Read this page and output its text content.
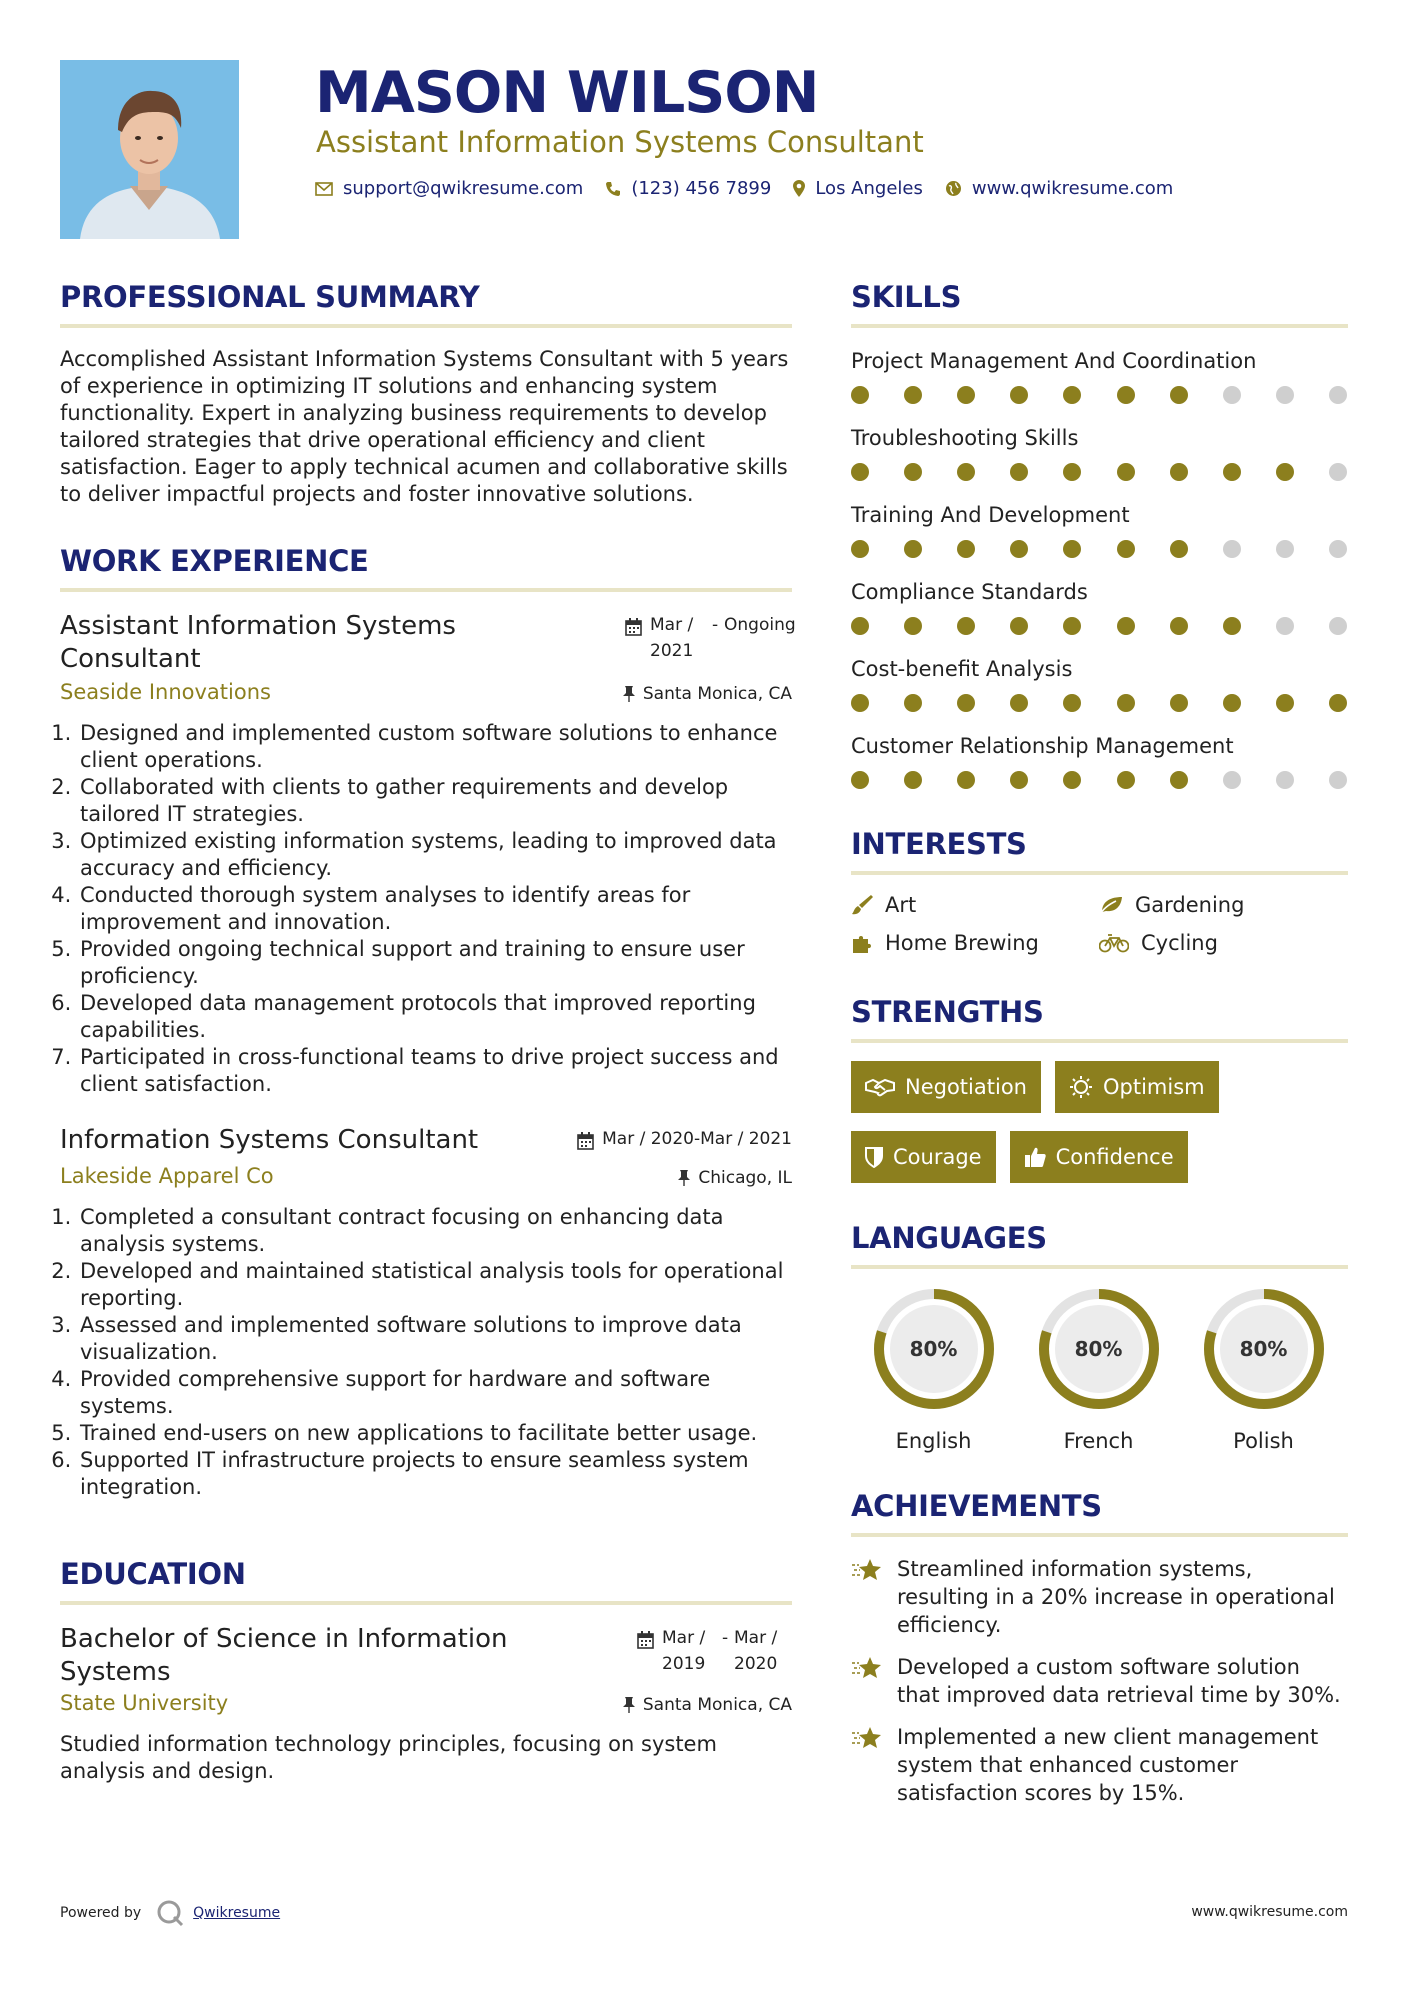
MASON WILSON
Assistant Information Systems Consultant
support@qwikresume.com	(123) 456 7899 Los Angeles	www.qwikresume.com
PROFESSIONAL SUMMARY

Accomplished Assistant Information Systems Consultant with 5 years of experience in optimizing IT solutions and enhancing system functionality. Expert in analyzing business requirements to develop tailored strategies that drive operational efficiency and client satisfaction. Eager to apply technical acumen and collaborative skills to deliver impactful projects and foster innovative solutions.

WORK EXPERIENCE
Assistant Information Systems Consultant
Mar / 2021
- Ongoing
Seaside Innovations	Santa Monica, CA
1. Designed and implemented custom software solutions to enhance client operations.
2. Collaborated with clients to gather requirements and develop tailored IT strategies.
3. Optimized existing information systems, leading to improved data accuracy and efficiency.
4. Conducted thorough system analyses to identify areas for improvement and innovation.
5. Provided ongoing technical support and training to ensure user proficiency.
6. Developed data management protocols that improved reporting capabilities.
7. Participated in cross-functional teams to drive project success and client satisfaction.
Information Systems Consultant	Mar / 2020-Mar / 2021
Lakeside Apparel Co	Chicago, IL
1. Completed a consultant contract focusing on enhancing data analysis systems.
2. Developed and maintained statistical analysis tools for operational reporting.
3. Assessed and implemented software solutions to improve data visualization.
4. Provided comprehensive support for hardware and software systems.
5. Trained end-users on new applications to facilitate better usage.
6. Supported IT infrastructure projects to ensure seamless system integration.
EDUCATION
Bachelor of Science in Information Systems
Mar / 2019
- Mar / 2020
State University	Santa Monica, CA
Studied information technology principles, focusing on system analysis and design.
SKILLS
Project Management And Coordination
Troubleshooting Skills
Training And Development
Compliance Standards
Cost-benefit Analysis
Customer Relationship Management
INTERESTS
Art	Gardening
Home Brewing	Cycling
STRENGTHS
Negotiation	Optimism
Courage	Confidence
LANGUAGES
80%
English
80%
French
80%
Polish
ACHIEVEMENTS
Streamlined information systems, resulting in a 20% increase in operational efficiency.
Developed a custom software solution that improved data retrieval time by 30%.
Implemented a new client management system that enhanced customer satisfaction scores by 15%.
Powered by	Qwikresume	www.qwikresume.com
